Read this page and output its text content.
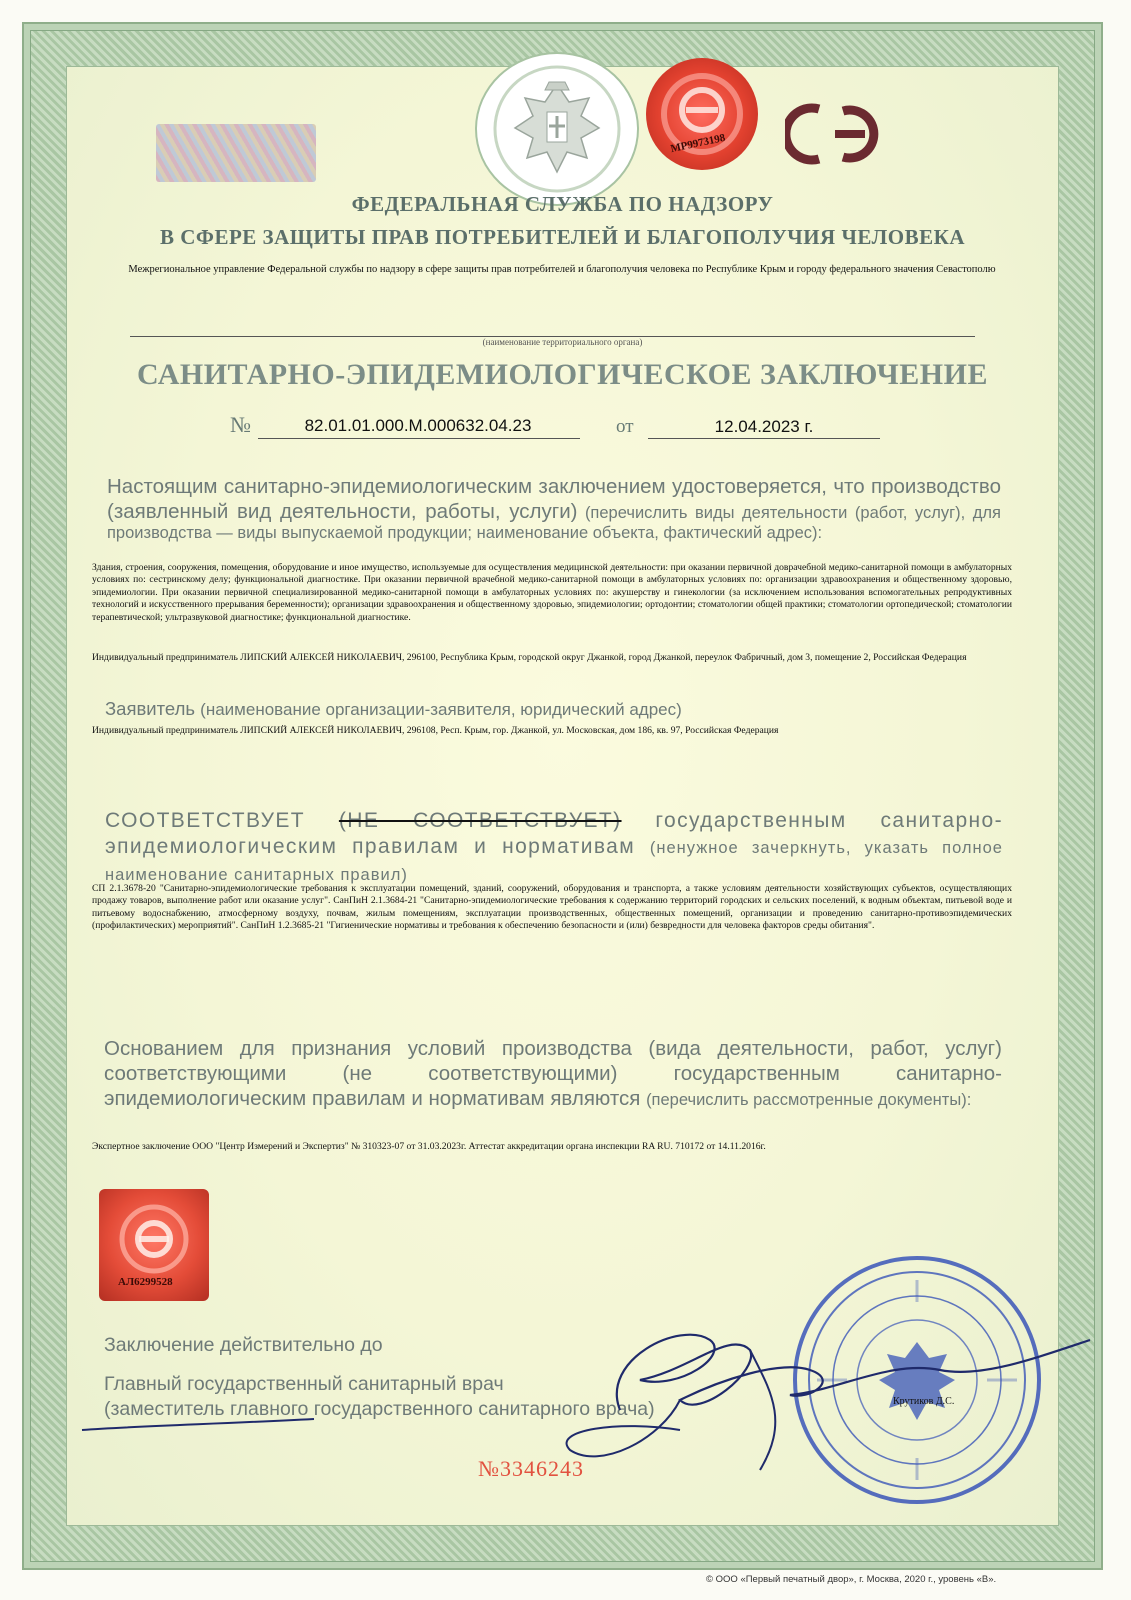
МР9973198
ФЕДЕРАЛЬНАЯ СЛУЖБА ПО НАДЗОРУ
В СФЕРЕ ЗАЩИТЫ ПРАВ ПОТРЕБИТЕЛЕЙ И БЛАГОПОЛУЧИЯ ЧЕЛОВЕКА
Межрегиональное управление Федеральной службы по надзору в сфере защиты прав потребителей и благополучия человека по Республике Крым и городу федерального значения Севастополю
(наименование территориального органа)
САНИТАРНО-ЭПИДЕМИОЛОГИЧЕСКОЕ ЗАКЛЮЧЕНИЕ
№	82.01.01.000.М.000632.04.23	от	12.04.2023 г.
Настоящим санитарно-эпидемиологическим заключением удостоверяется, что производство (заявленный вид деятельности, работы, услуги) (перечислить виды деятельности (работ, услуг), для производства — виды выпускаемой продукции; наименование объекта, фактический адрес):
Здания, строения, сооружения, помещения, оборудование и иное имущество, используемые для осуществления медицинской деятельности: при оказании первичной доврачебной медико-санитарной помощи в амбулаторных условиях по: сестринскому делу; функциональной диагностике. При оказании первичной врачебной медико-санитарной помощи в амбулаторных условиях по: организации здравоохранения и общественному здоровью, эпидемиологии. При оказании первичной специализированной медико-санитарной помощи в амбулаторных условиях по: акушерству и гинекологии (за исключением использования вспомогательных репродуктивных технологий и искусственного прерывания беременности); организации здравоохранения и общественному здоровью, эпидемиологии; ортодонтии; стоматологии общей практики; стоматологии ортопедической; стоматологии терапевтической; ультразвуковой диагностике; функциональной диагностике.
Индивидуальный предприниматель ЛИПСКИЙ АЛЕКСЕЙ НИКОЛАЕВИЧ, 296100, Республика Крым, городской округ Джанкой, город Джанкой, переулок Фабричный, дом 3, помещение 2, Российская Федерация
Заявитель (наименование организации-заявителя, юридический адрес)
Индивидуальный предприниматель ЛИПСКИЙ АЛЕКСЕЙ НИКОЛАЕВИЧ, 296108, Респ. Крым, гор. Джанкой, ул. Московская, дом 186, кв. 97, Российская Федерация
СООТВЕТСТВУЕТ (НЕ СООТВЕТСТВУЕТ) государственным санитарно-эпидемиологическим правилам и нормативам (ненужное зачеркнуть, указать полное наименование санитарных правил)
СП 2.1.3678-20 "Санитарно-эпидемиологические требования к эксплуатации помещений, зданий, сооружений, оборудования и транспорта, а также условиям деятельности хозяйствующих субъектов, осуществляющих продажу товаров, выполнение работ или оказание услуг". СанПиН 2.1.3684-21 "Санитарно-эпидемиологические требования к содержанию территорий городских и сельских поселений, к водным объектам, питьевой воде и питьевому водоснабжению, атмосферному воздуху, почвам, жилым помещениям, эксплуатации производственных, общественных помещений, организации и проведению санитарно-противоэпидемических (профилактических) мероприятий". СанПиН 1.2.3685-21 "Гигиенические нормативы и требования к обеспечению безопасности и (или) безвредности для человека факторов среды обитания".
Основанием для признания условий производства (вида деятельности, работ, услуг) соответствующими (не соответствующими) государственным санитарно-эпидемиологическим правилам и нормативам являются (перечислить рассмотренные документы):
Экспертное заключение ООО "Центр Измерений и Экспертиз" № 310323-07 от 31.03.2023г. Аттестат аккредитации органа инспекции RA RU. 710172 от 14.11.2016г.
АЛ6299528
Заключение действительно до
Главный государственный санитарный врач
(заместитель главного государственного санитарного врача)
№3346243
Крутиков Д.С.
© ООО «Первый печатный двор», г. Москва, 2020 г., уровень «В».
